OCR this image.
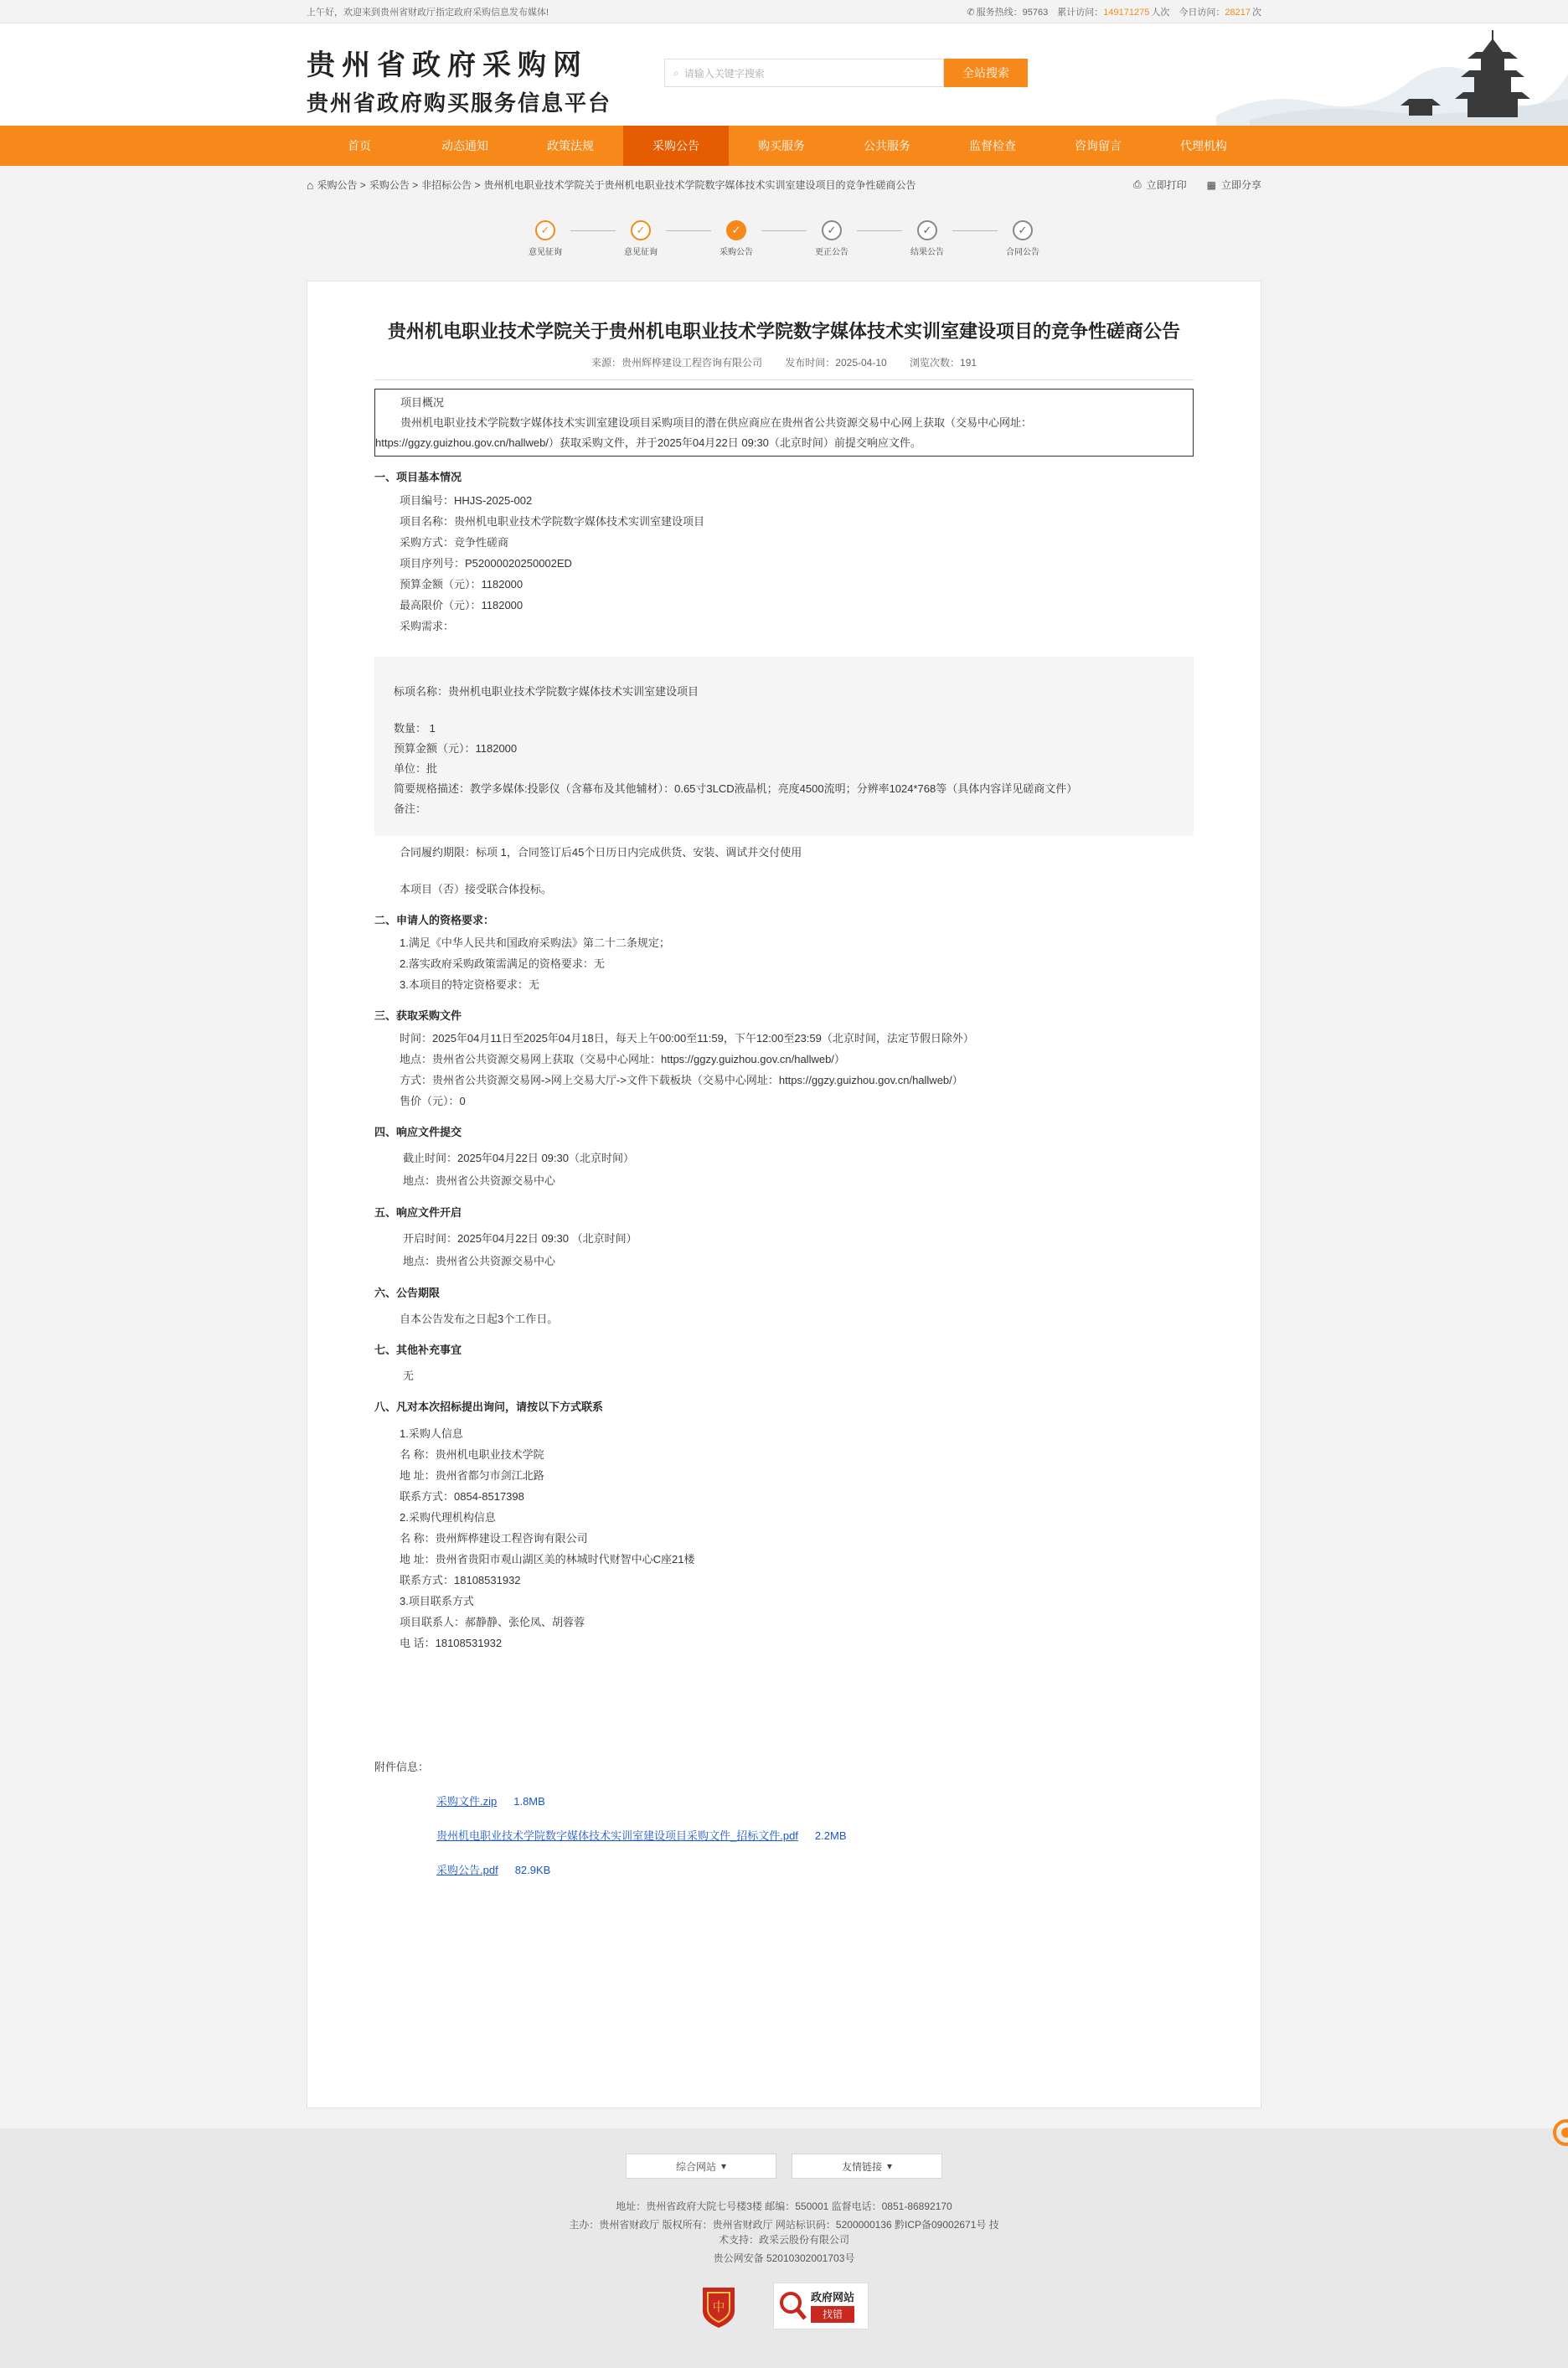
上午好，欢迎来到贵州省财政厅指定政府采购信息发布媒体!	✆ 服务热线：95763 累计访问：149171275 人次 今日访问：28217 次
贵州省政府采购网
贵州省政府购买服务信息平台
⌕ 请输入关键字搜索	全站搜索
首页	动态通知	政策法规	采购公告	购买服务	公共服务	监督检查	咨询留言	代理机构
⌂ 采购公告 > 采购公告 > 非招标公告 > 贵州机电职业技术学院关于贵州机电职业技术学院数字媒体技术实训室建设项目的竞争性磋商公告	⎙ 立即打印 ▦ 立即分享
✓
意见征询
✓
意见征询
✓
采购公告
✓
更正公告
✓
结果公告
✓
合同公告
贵州机电职业技术学院关于贵州机电职业技术学院数字媒体技术实训室建设项目的竞争性磋商公告
来源：贵州辉桦建设工程咨询有限公司 发布时间：2025-04-10 浏览次数：191
项目概况
贵州机电职业技术学院数字媒体技术实训室建设项目采购项目的潜在供应商应在贵州省公共资源交易中心网上获取（交易中心网址：https://ggzy.guizhou.gov.cn/hallweb/）获取采购文件，并于2025年04月22日 09:30（北京时间）前提交响应文件。
一、项目基本情况
项目编号：HHJS-2025-002
项目名称：贵州机电职业技术学院数字媒体技术实训室建设项目
采购方式：竞争性磋商
项目序列号：P52000020250002ED
预算金额（元）：1182000
最高限价（元）：1182000
采购需求：
标项名称：贵州机电职业技术学院数字媒体技术实训室建设项目
数量： 1
预算金额（元）：1182000
单位：批
简要规格描述：教学多媒体:投影仪（含幕布及其他辅材）：0.65寸3LCD液晶机；亮度4500流明；分辨率1024*768等（具体内容详见磋商文件）
备注：
合同履约期限：标项 1，合同签订后45个日历日内完成供货、安装、调试并交付使用
本项目（否）接受联合体投标。
二、申请人的资格要求：
1.满足《中华人民共和国政府采购法》第二十二条规定；
2.落实政府采购政策需满足的资格要求：无
3.本项目的特定资格要求：无
三、获取采购文件
时间：2025年04月11日至2025年04月18日，每天上午00:00至11:59，下午12:00至23:59（北京时间，法定节假日除外）
地点：贵州省公共资源交易网上获取（交易中心网址：https://ggzy.guizhou.gov.cn/hallweb/）
方式：贵州省公共资源交易网->网上交易大厅->文件下载板块（交易中心网址：https://ggzy.guizhou.gov.cn/hallweb/）
售价（元）：0
四、响应文件提交
截止时间：2025年04月22日 09:30（北京时间）
地点：贵州省公共资源交易中心
五、响应文件开启
开启时间：2025年04月22日 09:30 （北京时间）
地点：贵州省公共资源交易中心
六、公告期限
自本公告发布之日起3个工作日。
七、其他补充事宜
无
八、凡对本次招标提出询问，请按以下方式联系
1.采购人信息
名 称：贵州机电职业技术学院
地 址：贵州省都匀市剑江北路
联系方式：0854-8517398
2.采购代理机构信息
名 称：贵州辉桦建设工程咨询有限公司
地 址：贵州省贵阳市观山湖区美的林城时代财智中心C座21楼
联系方式：18108531932
3.项目联系方式
项目联系人：郝静静、张伦凤、胡蓉蓉
电 话：18108531932
附件信息：
采购文件.zip 1.8MB
贵州机电职业技术学院数字媒体技术实训室建设项目采购文件_招标文件.pdf 2.2MB
采购公告.pdf 82.9KB
综合网站 ▾	友情链接 ▾
地址：贵州省政府大院七号楼3楼 邮编：550001 监督电话：0851-86892170
主办：贵州省财政厅 版权所有：贵州省财政厅 网站标识码：5200000136 黔ICP备09002671号 技
术支持：政采云股份有限公司
贵公网安备 52010302001703号
中
政府网站
找错
